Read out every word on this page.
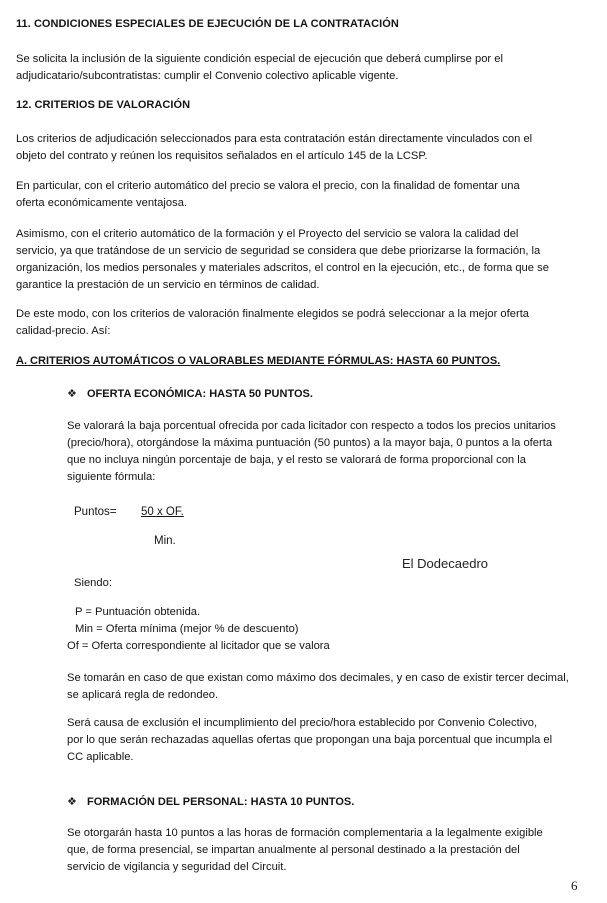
11. CONDICIONES ESPECIALES DE EJECUCIÓN DE LA CONTRATACIÓN
Se solicita la inclusión de la siguiente condición especial de ejecución que deberá cumplirse por el
adjudicatario/subcontratistas: cumplir el Convenio colectivo aplicable vigente.
12. CRITERIOS DE VALORACIÓN
Los criterios de adjudicación seleccionados para esta contratación están directamente vinculados con el
objeto del contrato y reúnen los requisitos señalados en el artículo 145 de la LCSP.
En particular, con el criterio automático del precio se valora el precio, con la finalidad de fomentar una
oferta económicamente ventajosa.
Asimismo, con el criterio automático de la formación y el Proyecto del servicio se valora la calidad del
servicio, ya que tratándose de un servicio de seguridad se considera que debe priorizarse la formación, la
organización, los medios personales y materiales adscritos, el control en la ejecución, etc., de forma que se
garantice la prestación de un servicio en términos de calidad.
De este modo, con los criterios de valoración finalmente elegidos se podrá seleccionar a la mejor oferta
calidad-precio. Así:
A. CRITERIOS AUTOMÁTICOS O VALORABLES MEDIANTE FÓRMULAS: HASTA 60 PUNTOS.
❖ OFERTA ECONÓMICA: HASTA 50 PUNTOS.
Se valorará la baja porcentual ofrecida por cada licitador con respecto a todos los precios unitarios
(precio/hora), otorgándose la máxima puntuación (50 puntos) a la mayor baja, 0 puntos a la oferta
que no incluya ningún porcentaje de baja, y el resto se valorará de forma proporcional con la
siguiente fórmula:
Puntos= 50 x OF.
Min.
El Dodecaedro
Siendo:
P = Puntuación obtenida.
Min = Oferta mínima (mejor % de descuento)
Of = Oferta correspondiente al licitador que se valora
Se tomarán en caso de que existan como máximo dos decimales, y en caso de existir tercer decimal,
se aplicará regla de redondeo.
Será causa de exclusión el incumplimiento del precio/hora establecido por Convenio Colectivo,
por lo que serán rechazadas aquellas ofertas que propongan una baja porcentual que incumpla el
CC aplicable.
❖ FORMACIÓN DEL PERSONAL: HASTA 10 PUNTOS.
Se otorgarán hasta 10 puntos a las horas de formación complementaria a la legalmente exigible
que, de forma presencial, se impartan anualmente al personal destinado a la prestación del
servicio de vigilancia y seguridad del Circuit.
6
